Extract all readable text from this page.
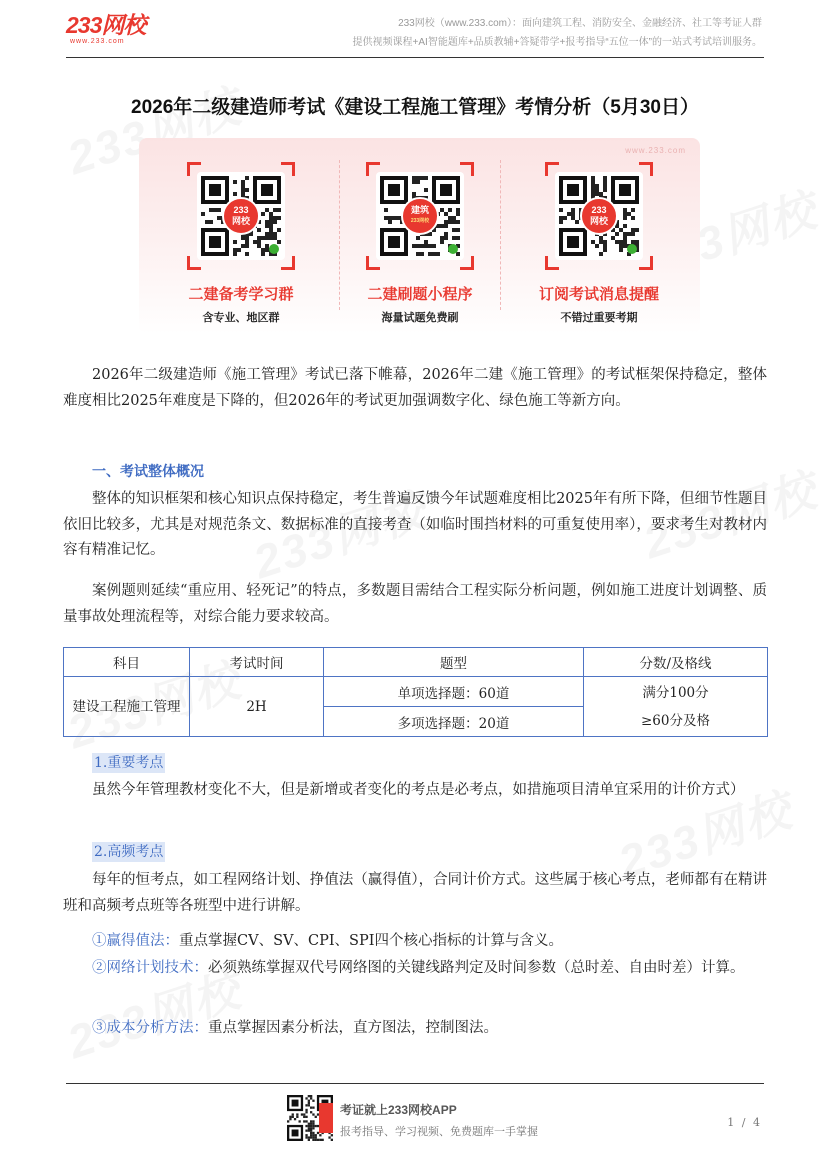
233网校
www.233.com
233网校（www.233.com）：面向建筑工程、消防安全、金融经济、社工等考证人群
提供视频课程+AI智能题库+品质教辅+答疑带学+报考指导“五位一体”的一站式考试培训服务。
2026年二级建造师考试《建设工程施工管理》考情分析（5月30日）
www.233.com
233
网校
二建备考学习群
含专业、地区群
建筑
233网校
二建刷题小程序
海量试题免费刷
233
网校
订阅考试消息提醒
不错过重要考期
2026年二级建造师《施工管理》考试已落下帷幕，2026年二建《施工管理》的考试框架保持稳定，整体难度相比2025年难度是下降的，但2026年的考试更加强调数字化、绿色施工等新方向。
一、考试整体概况
整体的知识框架和核心知识点保持稳定，考生普遍反馈今年试题难度相比2025年有所下降，但细节性题目依旧比较多，尤其是对规范条文、数据标准的直接考查（如临时围挡材料的可重复使用率），要求考生对教材内容有精准记忆。
案例题则延续“重应用、轻死记”的特点，多数题目需结合工程实际分析问题，例如施工进度计划调整、质量事故处理流程等，对综合能力要求较高。
科目	考试时间	题型	分数/及格线
建设工程施工管理	2H	单项选择题：60道	满分100分
≥60分及格

		多项选择题：20道	
1.重要考点
虽然今年管理教材变化不大，但是新增或者变化的考点是必考点，如措施项目清单宜采用的计价方式）
2.高频考点
每年的恒考点，如工程网络计划、挣值法（赢得值），合同计价方式。这些属于核心考点，老师都有在精讲班和高频考点班等各班型中进行讲解。
①赢得值法：重点掌握CV、SV、CPI、SPI四个核心指标的计算与含义。
②网络计划技术：必须熟练掌握双代号网络图的关键线路判定及时间参数（总时差、自由时差）计算。
③成本分析方法：重点掌握因素分析法，直方图法，控制图法。
考证就上233网校APP
报考指导、学习视频、免费题库一手掌握
1 / 4
